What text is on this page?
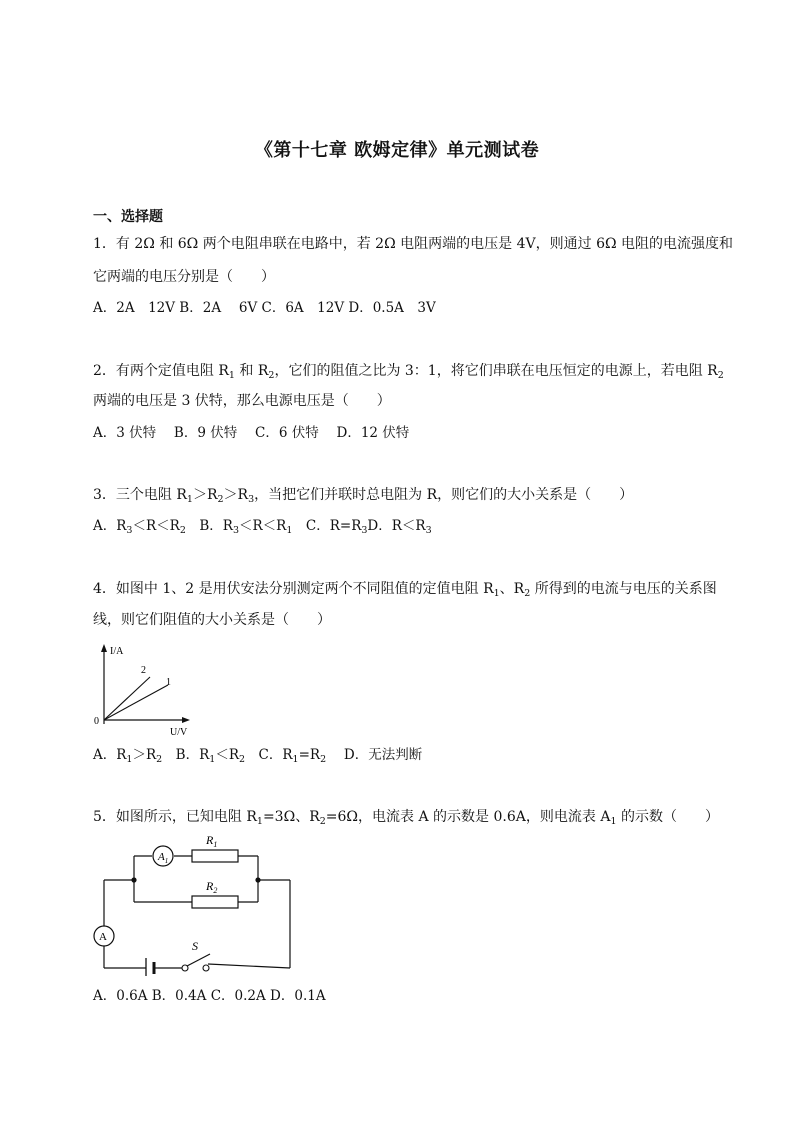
《第十七章 欧姆定律》单元测试卷
一、选择题
1．有 2Ω 和 6Ω 两个电阻串联在电路中，若 2Ω 电阻两端的电压是 4V，则通过 6Ω 电阻的电流强度和
它两端的电压分别是（　　）
A．2A　12V B．2A　 6V C．6A　12V D．0.5A　3V
2．有两个定值电阻 $R_1$ 和 $R_2$，它们的阻值之比为 3：1，将它们串联在电压恒定的电源上，若电阻 $R_2$
两端的电压是 3 伏特，那么电源电压是（　　）
A．3 伏特　 B．9 伏特　 C．6 伏特　 D．12 伏特
3．三个电阻 $R_1>R_2>R_3$，当把它们并联时总电阻为 R，则它们的大小关系是（　　）
A．$R_3<R<R_2$　B．$R_3<R<R_1$　C．$R=R_3D$．$R<R_3$
4．如图中 1、2 是用伏安法分别测定两个不同阻值的定值电阻 $R_1$、$R_2$ 所得到的电流与电压的关系图
线，则它们阻值的大小关系是（　　）
I/A
U/V
0
2
1
A．$R_1>R_2$　B．$R_1<R_2$　C．$R_1=R_2$　 D．无法判断
5．如图所示，已知电阻 $R_1=3\Omega$、$R_2=6\Omega$，电流表 A 的示数是 0.6A，则电流表 $A_1$ 的示数（　　）
$A_1$
A
$R_1$
$R_2$
S
A．0.6A B．0.4A C．0.2A D．0.1A
